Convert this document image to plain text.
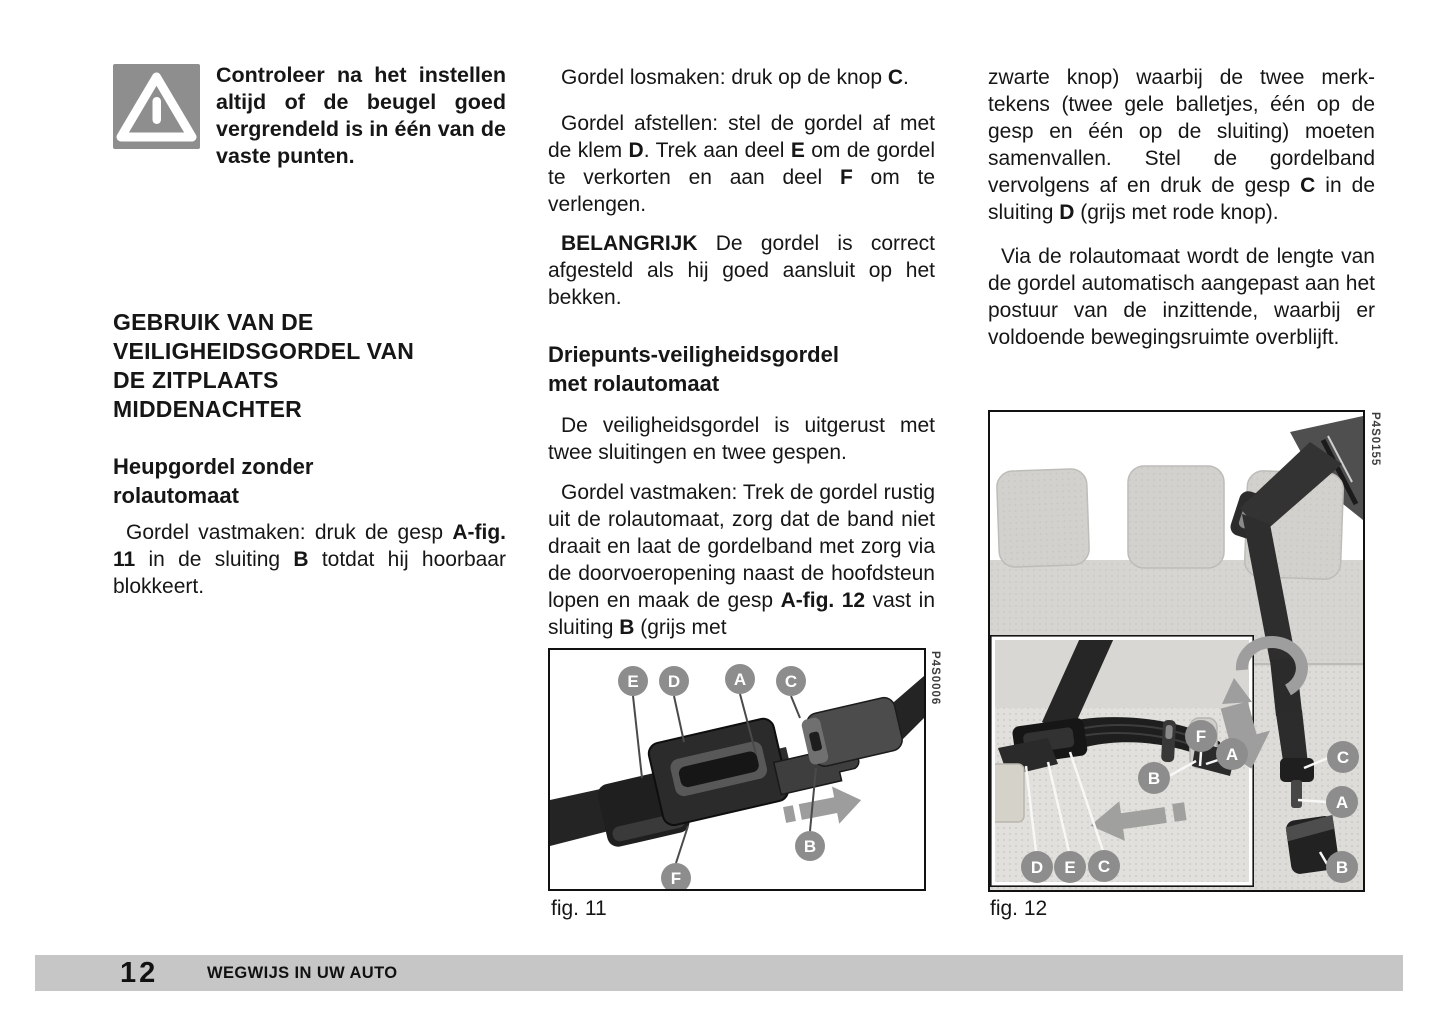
Controleer na het instellen altijd of de beugel goed vergrendeld is in één van de vaste punten.

GEBRUIK VAN DE
VEILIGHEIDSGORDEL VAN
DE ZITPLAATS
MIDDENACHTER
Heupgordel zonder
rolautomaat

Gordel vastmaken: druk de gesp A-fig. 11 in de sluiting B totdat hij hoorbaar blokkeert.

Gordel losmaken: druk op de knop C.

Gordel afstellen: stel de gordel af met de klem D. Trek aan deel E om de gordel te verkorten en aan deel F om te verlengen.

BELANGRIJK De gordel is correct afgesteld als hij goed aansluit op het bekken.

Driepunts-veiligheidsgordel
met rolautomaat

De veiligheidsgordel is uitgerust met twee sluitingen en twee gespen.

Gordel vastmaken: Trek de gordel rustig uit de rolautomaat, zorg dat de band niet draait en laat de gordelband met zorg via de doorvoeropening naast de hoofdsteun lopen en maak de gesp A-fig. 12 vast in sluiting B (grijs met

E D	A C
B
F
P4S0006
fig. 11

zwarte knop) waarbij de twee merk-tekens (twee gele balletjes, één op de gesp en één op de sluiting) moeten samenvallen. Stel de gordelband vervolgens af en druk de gesp C in de sluiting D (grijs met rode knop).

Via de rolautomaat wordt de lengte van de gordel automatisch aangepast aan het postuur van de inzittende, waarbij er voldoende bewegingsruimte overblijft.

F
A
B
D E C
C
A
B
P4S0155
fig. 12
12	WEGWIJS IN UW AUTO
